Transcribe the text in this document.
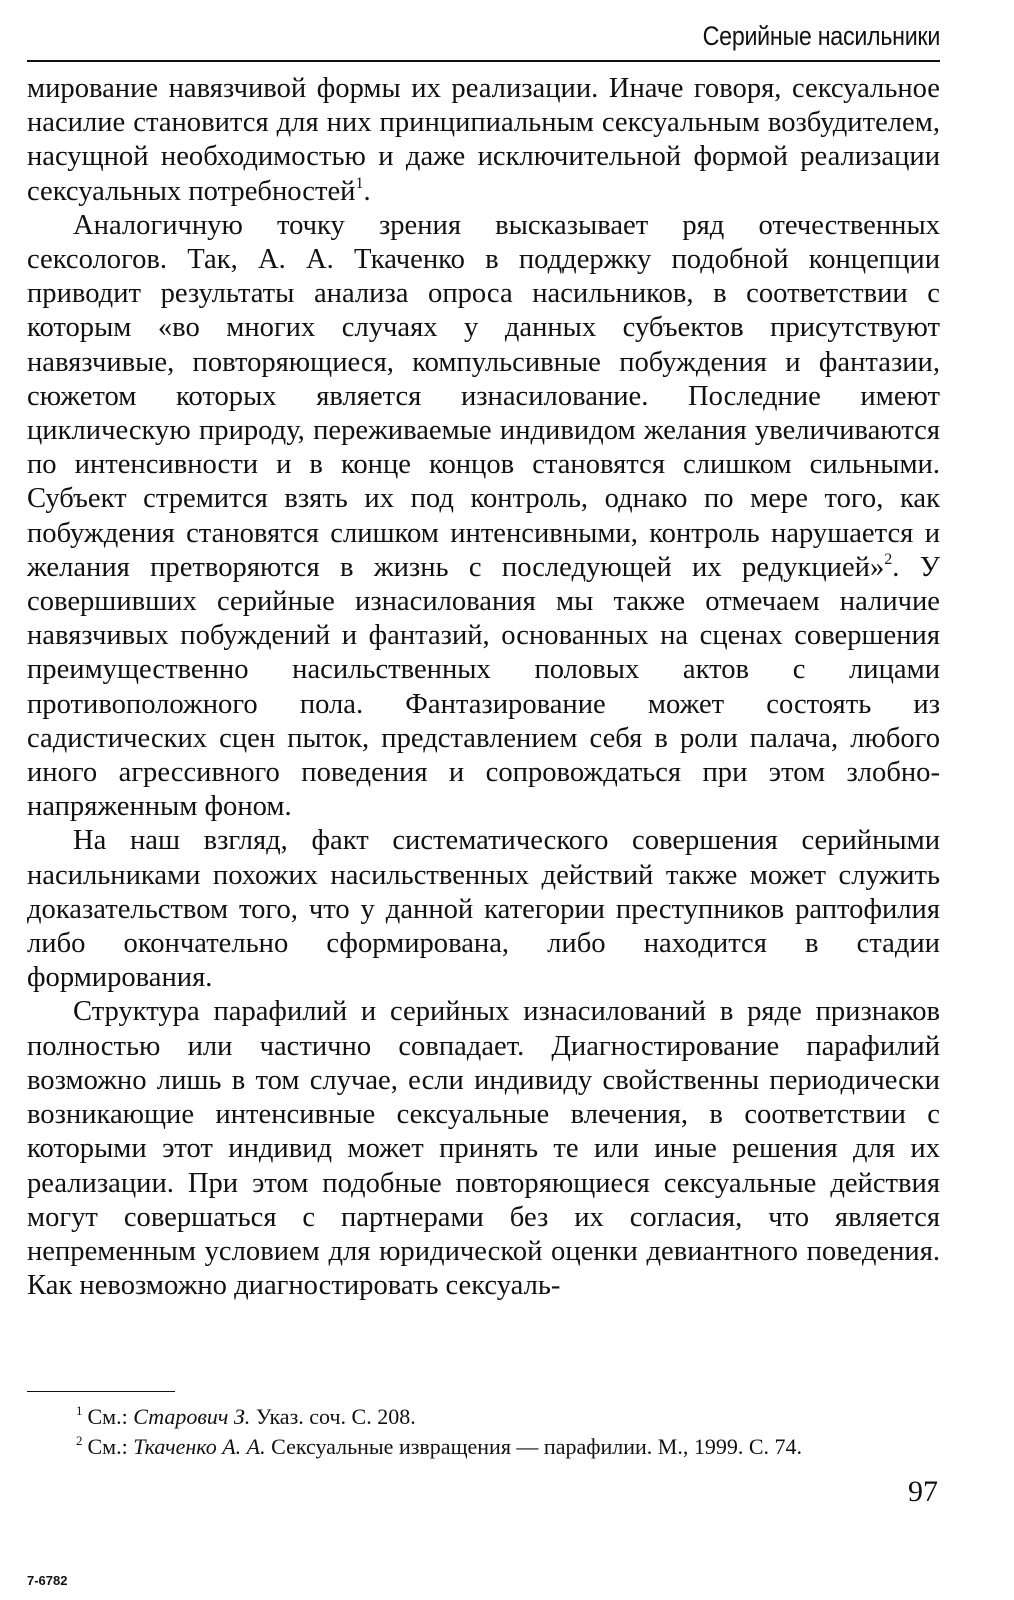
Серийные насильники

мирование навязчивой формы их реализации. Иначе говоря, сексуальное насилие становится для них принципиальным сексуальным возбудителем, насущной необходимостью и даже исключительной формой реализации сексуальных потребностей$^1$.

Аналогичную точку зрения высказывает ряд отечественных сексологов. Так, А. А. Ткаченко в поддержку подобной концепции приводит результаты анализа опроса насильников, в соответствии с которым «во многих случаях у данных субъектов присутствуют навязчивые, повторяющиеся, компульсивные побуждения и фантазии, сюжетом которых является изнасилование. Последние имеют циклическую природу, переживаемые индивидом желания увеличиваются по интенсивности и в конце концов становятся слишком сильными. Субъект стремится взять их под контроль, однако по мере того, как побуждения становятся слишком интенсивными, контроль нарушается и желания претворяются в жизнь с последующей их редукцией»$^2$. У совершивших серийные изнасилования мы также отмечаем наличие навязчивых побуждений и фантазий, основанных на сценах совершения преимущественно насильственных половых актов с лицами противоположного пола. Фантазирование может состоять из садистических сцен пыток, представлением себя в роли палача, любого иного агрессивного поведения и сопровождаться при этом злобно-напряженным фоном.

На наш взгляд, факт систематического совершения серийными насильниками похожих насильственных действий также может служить доказательством того, что у данной категории преступников раптофилия либо окончательно сформирована, либо находится в стадии формирования.

Структура парафилий и серийных изнасилований в ряде признаков полностью или частично совпадает. Диагностирование парафилий возможно лишь в том случае, если индивиду свойственны периодически возникающие интенсивные сексуальные влечения, в соответствии с которыми этот индивид может принять те или иные решения для их реализации. При этом подобные повторяющиеся сексуальные действия могут совершаться с партнерами без их согласия, что является непременным условием для юридической оценки девиантного поведения. Как невозможно диагностировать сексуаль-

$^1$ См.: Старович З. Указ. соч. С. 208.
$^2$ См.: Ткаченко А. А. Сексуальные извращения — парафилии. М., 1999. С. 74.
97
7-6782
